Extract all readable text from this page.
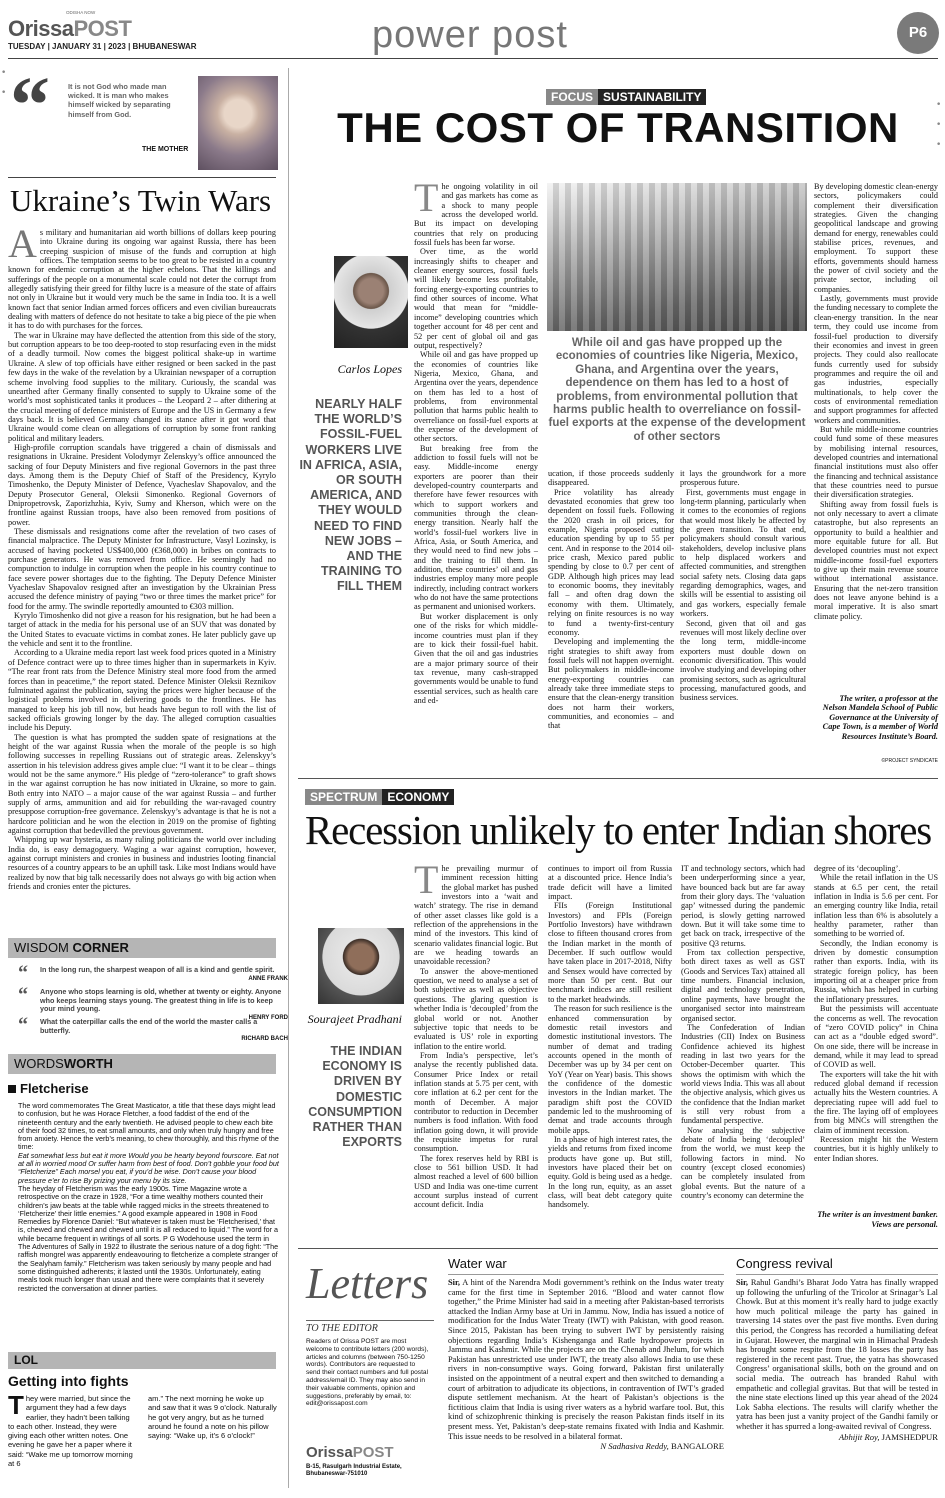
OrissaPOST
ODISHA NOW
TUESDAY | JANUARY 31 | 2023 | BHUBANESWAR	power post	P6
•

•
•

•

•
“ It is not God who made man wicked. It is man who makes himself wicked by separating himself from God.
THE MOTHER
Ukraine’s Twin Wars

As military and humanitarian aid worth billions of dollars keep pouring into Ukraine during its ongoing war against Russia, there has been creeping suspicion of misuse of the funds and corruption at high offices. The temptation seems to be too great to be resisted in a country known for endemic corruption at the higher echelons. That the killings and sufferings of the people on a monumental scale could not deter the corrupt from allegedly satisfying their greed for filthy lucre is a measure of the state of affairs not only in Ukraine but it would very much be the same in India too. It is a well known fact that senior Indian armed forces officers and even civilian bureaucrats dealing with matters of defence do not hesitate to take a big piece of the pie when it has to do with purchases for the forces.

The war in Ukraine may have deflected the attention from this side of the story, but corruption appears to be too deep-rooted to stop resurfacing even in the midst of a deadly turmoil. Now comes the biggest political shake-up in wartime Ukraine. A slew of top officials have either resigned or been sacked in the past few days in the wake of the revelation by a Ukrainian newspaper of a corruption scheme involving food supplies to the military. Curiously, the scandal was unearthed after Germany finally consented to supply to Ukraine some of the world’s most sophisticated tanks it produces – the Leopard 2 – after dithering at the crucial meeting of defence ministers of Europe and the US in Germany a few days back. It is believed Germany changed its stance after it got word that Ukraine would come clean on allegations of corruption by some front ranking political and military leaders.

High-profile corruption scandals have triggered a chain of dismissals and resignations in Ukraine. President Volodymyr Zelenskyy’s office announced the sacking of four Deputy Ministers and five regional Governors in the past three days. Among them is the Deputy Chief of Staff of the Presidency, Kyrylo Timoshenko, the Deputy Minister of Defence, Vyacheslav Shapovalov, and the Deputy Prosecutor General, Oleksii Simonenko. Regional Governors of Dnipropetrovsk, Zaporizhzhia, Kyiv, Sumy and Kherson, which were on the frontline against Russian troops, have also been removed from positions of power.

These dismissals and resignations come after the revelation of two cases of financial malpractice. The Deputy Minister for Infrastructure, Vasyl Lozinsky, is accused of having pocketed US$400,000 (€368,000) in bribes on contracts to purchase generators. He was removed from office. He seemingly had no compunction to indulge in corruption when the people in his country continue to face severe power shortages due to the fighting. The Deputy Defence Minister Vyacheslav Shapovalov resigned after an investigation by the Ukrainian Press accused the defence ministry of paying “two or three times the market price” for food for the army. The swindle reportedly amounted to €303 million.

Kyrylo Timoshenko did not give a reason for his resignation, but he had been a target of attack in the media for his personal use of an SUV that was donated by the United States to evacuate victims in combat zones. He later publicly gave up the vehicle and sent it to the frontline.

According to a Ukraine media report last week food prices quoted in a Ministry of Defence contract were up to three times higher than in supermarkets in Kyiv. “The rear front rats from the Defence Ministry steal more food from the armed forces than in peacetime,” the report stated. Defence Minister Oleksii Reznikov fulminated against the publication, saying the prices were higher because of the logistical problems involved in delivering goods to the frontlines. He has managed to keep his job till now, but heads have begun to roll with the list of sacked officials growing longer by the day. The alleged corruption casualties include his Deputy.

The question is what has prompted the sudden spate of resignations at the height of the war against Russia when the morale of the people is so high following successes in repelling Russians out of strategic areas. Zelenskyy’s assertion in his television address gives ample clue: “I want it to be clear – things would not be the same anymore.” His pledge of “zero-tolerance” to graft shows in the war against corruption he has now initiated in Ukraine, so more to gain. Both entry into NATO – a major cause of the war against Russia – and further supply of arms, ammunition and aid for rebuilding the war-ravaged country presuppose corruption-free governance. Zelenskyy’s advantage is that he is not a hardcore politician and he won the election in 2019 on the promise of fighting against corruption that bedevilled the previous government.

Whipping up war hysteria, as many ruling politicians the world over including India do, is easy demagoguery. Waging a war against corruption, however, against corrupt ministers and cronies in business and industries looting financial resources of a country appears to be an uphill task. Like most Indians would have realized by now that big talk necessarily does not always go with big action when friends and cronies enter the pictures.

WISDOM CORNER
“	In the long run, the sharpest weapon of all is a kind and gentle spirit.
ANNE FRANK
“	Anyone who stops learning is old, whether at twenty or eighty. Anyone who keeps learning stays young. The greatest thing in life is to keep your mind young.
HENRY FORD
“	What the caterpillar calls the end of the world the master calls a butterfly.
RICHARD BACH
WORDSWORTH
Fletcherise
The word commemorates The Great Masticator, a title that these days might lead to confusion, but he was Horace Fletcher, a food faddist of the end of the nineteenth century and the early twentieth. He advised people to chew each bite of their food 32 times, to eat small amounts, and only when truly hungry and free from anxiety. Hence the verb’s meaning, to chew thoroughly, and this rhyme of the time:
Eat somewhat less but eat it more Would you be hearty beyond fourscore. Eat not at all in worried mood Or suffer harm from best of food. Don’t gobble your food but “Fletcherize” Each morsel you eat, if you’d be wise. Don’t cause your blood pressure e’er to rise By prizing your menu by its size.
The heyday of Fletcherism was the early 1900s. Time Magazine wrote a retrospective on the craze in 1928, “For a time wealthy mothers counted their children’s jaw beats at the table while ragged micks in the streets threatened to ‘Fletcherize’ their little enemies.” A good example appeared in 1908 in Food Remedies by Florence Daniel: “But whatever is taken must be ‘Fletcherised,’ that is, chewed and chewed and chewed until it is all reduced to liquid.” The word for a while became frequent in writings of all sorts. P G Wodehouse used the term in The Adventures of Sally in 1922 to illustrate the serious nature of a dog fight: “The raffish mongrel was apparently endeavouring to fletcherize a complete stranger of the Sealyham family.” Fletcherism was taken seriously by many people and had some distinguished adherents; it lasted until the 1930s. Unfortunately, eating meals took much longer than usual and there were complaints that it severely restricted the conversation at dinner parties.
LOL
Getting into fights
They were married, but since the argument they had a few days earlier, they hadn’t been talking to each other. Instead, they were giving each other written notes. One evening he gave her a paper where it said: “Wake me up tomorrow morning at 6
am.” The next morning he woke up and saw that it was 9 o’clock. Naturally he got very angry, but as he turned around he found a note on his pillow saying: “Wake up, it’s 6 o’clock!”
FOCUS SUSTAINABILITY
THE COST OF TRANSITION
Carlos Lopes
NEARLY HALF THE WORLD’S FOSSIL-FUEL WORKERS LIVE IN AFRICA, ASIA, OR SOUTH AMERICA, AND THEY WOULD NEED TO FIND NEW JOBS – AND THE TRAINING TO FILL THEM

The ongoing volatility in oil and gas markets has come as a shock to many people across the developed world. But its impact on developing countries that rely on producing fossil fuels has been far worse.

Over time, as the world increasingly shifts to cheaper and cleaner energy sources, fossil fuels will likely become less profitable, forcing energy-exporting countries to find other sources of income. What would that mean for “middle-income” developing countries which together account for 48 per cent and 52 per cent of global oil and gas output, respectively?

While oil and gas have propped up the economies of countries like Nigeria, Mexico, Ghana, and Argentina over the years, dependence on them has led to a host of problems, from environmental pollution that harms public health to overreliance on fossil-fuel exports at the expense of the development of other sectors.

But breaking free from the addiction to fossil fuels will not be easy. Middle-income energy exporters are poorer than their developed-country counterparts and therefore have fewer resources with which to support workers and communities through the clean-energy transition. Nearly half the world’s fossil-fuel workers live in Africa, Asia, or South America, and they would need to find new jobs – and the training to fill them. In addition, these countries’ oil and gas industries employ many more people indirectly, including contract workers who do not have the same protections as permanent and unionised workers.

But worker displacement is only one of the risks for which middle-income countries must plan if they are to kick their fossil-fuel habit. Given that the oil and gas industries are a major primary source of their tax revenue, many cash-strapped governments would be unable to fund essential services, such as health care and ed-

While oil and gas have propped up the economies of countries like Nigeria, Mexico, Ghana, and Argentina over the years, dependence on them has led to a host of problems, from environmental pollution that harms public health to overreliance on fossil-fuel exports at the expense of the development of other sectors

ucation, if those proceeds suddenly disappeared.

Price volatility has already devastated economies that grew too dependent on fossil fuels. Following the 2020 crash in oil prices, for example, Nigeria proposed cutting education spending by up to 55 per cent. And in response to the 2014 oil-price crash, Mexico pared public spending by close to 0.7 per cent of GDP. Although high prices may lead to economic booms, they inevitably fall – and often drag down the economy with them. Ultimately, relying on finite resources is no way to fund a twenty-first-century economy.

Developing and implementing the right strategies to shift away from fossil fuels will not happen overnight. But policymakers in middle-income energy-exporting countries can already take three immediate steps to ensure that the clean-energy transition does not harm their workers, communities, and economies – and that

it lays the groundwork for a more prosperous future.

First, governments must engage in long-term planning, particularly when it comes to the economies of regions that would most likely be affected by the green transition. To that end, policymakers should consult various stakeholders, develop inclusive plans to help displaced workers and affected communities, and strengthen social safety nets. Closing data gaps regarding demographics, wages, and skills will be essential to assisting oil and gas workers, especially female workers.

Second, given that oil and gas revenues will most likely decline over the long term, middle-income exporters must double down on economic diversification. This would involve studying and developing other promising sectors, such as agricultural processing, manufactured goods, and business services.

By developing domestic clean-energy sectors, policymakers could complement their diversification strategies. Given the changing geopolitical landscape and growing demand for energy, renewables could stabilise prices, revenues, and employment. To support these efforts, governments should harness the power of civil society and the private sector, including oil companies.

Lastly, governments must provide the funding necessary to complete the clean-energy transition. In the near term, they could use income from fossil-fuel production to diversify their economies and invest in green projects. They could also reallocate funds currently used for subsidy programmes and require the oil and gas industries, especially multinationals, to help cover the costs of environmental remediation and support programmes for affected workers and communities.

But while middle-income countries could fund some of these measures by mobilising internal resources, developed countries and international financial institutions must also offer the financing and technical assistance that these countries need to pursue their diversification strategies.

Shifting away from fossil fuels is not only necessary to avert a climate catastrophe, but also represents an opportunity to build a healthier and more equitable future for all. But developed countries must not expect middle-income fossil-fuel exporters to give up their main revenue source without international assistance. Ensuring that the net-zero transition does not leave anyone behind is a moral imperative. It is also smart climate policy.

The writer, a professor at the Nelson Mandela School of Public Governance at the University of Cape Town, is a member of World Resources Institute’s Board.
©PROJECT SYNDICATE
SPECTRUM ECONOMY
Recession unlikely to enter Indian shores
Sourajeet Pradhani
THE INDIAN ECONOMY IS DRIVEN BY DOMESTIC CONSUMPTION RATHER THAN EXPORTS

The prevailing murmur of imminent recession hitting the global market has pushed investors into a ‘wait and watch’ strategy. The rise in demand of other asset classes like gold is a reflection of the apprehensions in the mind of the investors. This kind of scenario validates financial logic. But are we heading towards an unavoidable recession?

To answer the above-mentioned question, we need to analyse a set of both subjective as well as objective questions. The glaring question is whether India is ‘decoupled’ from the global world or not. Another subjective topic that needs to be evaluated is US’ role in exporting inflation to the entire world.

From India’s perspective, let’s analyse the recently published data. Consumer Price Index or retail inflation stands at 5.75 per cent, with core inflation at 6.2 per cent for the month of December. A major contributor to reduction in December numbers is food inflation. With food inflation going down, it will provide the requisite impetus for rural consumption.

The forex reserves held by RBI is close to 561 billion USD. It had almost reached a level of 600 billion USD and India was one-time current account surplus instead of current account deficit. India

continues to import oil from Russia at a discounted price. Hence India’s trade deficit will have a limited impact.

FIIs (Foreign Institutional Investors) and FPIs (Foreign Portfolio Investors) have withdrawn close to fifteen thousand crores from the Indian market in the month of December. If such outflow would have taken place in 2017-2018, Nifty and Sensex would have corrected by more than 50 per cent. But our benchmark indices are still resilient to the market headwinds.

The reason for such resilience is the enhanced commensuration by domestic retail investors and domestic institutional investors. The number of demat and trading accounts opened in the month of December was up by 34 per cent on YoY (Year on Year) basis. This shows the confidence of the domestic investors in the Indian market. The paradigm shift post the COVID pandemic led to the mushrooming of demat and trade accounts through mobile apps.

In a phase of high interest rates, the yields and returns from fixed income products have gone up. But still, investors have placed their bet on equity. Gold is being used as a hedge. In the long run, equity, as an asset class, will beat debt category quite handsomely.

IT and technology sectors, which had been underperforming since a year, have bounced back but are far away from their glory days. The ‘valuation gap’ witnessed during the pandemic period, is slowly getting narrowed down. But it will take some time to get back on track, irrespective of the positive Q3 returns.

From tax collection perspective, both direct taxes as well as GST (Goods and Services Tax) attained all time numbers. Financial inclusion, digital and technology penetration, online payments, have brought the unorganised sector into mainstream organised sector.

The Confederation of Indian Industries (CII) Index on Business Confidence achieved its highest reading in last two years for the October-December quarter. This shows the optimism with which the world views India. This was all about the objective analysis, which gives us the confidence that the Indian market is still very robust from a fundamental perspective.

Now analysing the subjective debate of India being ‘decoupled’ from the world, we must keep the following factors in mind. No country (except closed economies) can be completely insulated from global events. But the nature of a country’s economy can determine the

degree of its ‘decoupling’.

While the retail inflation in the US stands at 6.5 per cent, the retail inflation in India is 5.6 per cent. For an emerging country like India, retail inflation less than 6% is absolutely a healthy parameter, rather than something to be worried of.

Secondly, the Indian economy is driven by domestic consumption rather than exports. India, with its strategic foreign policy, has been importing oil at a cheaper price from Russia, which has helped in curbing the inflationary pressures.

But the pessimists will accentuate the concerns as well. The revocation of “zero COVID policy” in China can act as a “double edged sword”. On one side, there will be increase in demand, while it may lead to spread of COVID as well.

The exporters will take the hit with reduced global demand if recession actually hits the Western countries. A depreciating rupee will add fuel to the fire. The laying off of employees from big MNCs will strengthen the claim of imminent recession.

Recession might hit the Western countries, but it is highly unlikely to enter Indian shores.

The writer is an investment banker. Views are personal.
Letters
TO THE EDITOR
Readers of Orissa POST are most welcome to contribute letters (200 words), articles and columns (between 750-1250 words). Contributors are requested to send their contact numbers and full postal address/email ID. They may also send in their valuable comments, opinion and suggestions, preferably by email, to: edit@orissapost.com
OrissaPOST
B-15, Rasulgarh Industrial Estate, Bhubaneswar-751010
Water war

Sir, A hint of the Narendra Modi government’s rethink on the Indus water treaty came for the first time in September 2016. “Blood and water cannot flow together,” the Prime Minister had said in a meeting after Pakistan-based terrorists attacked the Indian Army base at Uri in Jammu. Now, India has issued a notice of modification for the Indus Water Treaty (IWT) with Pakistan, with good reason. Since 2015, Pakistan has been trying to subvert IWT by persistently raising objections regarding India’s Kishenganga and Ratle hydropower projects in Jammu and Kashmir. While the projects are on the Chenab and Jhelum, for which Pakistan has unrestricted use under IWT, the treaty also allows India to use these rivers in non-consumptive ways. Going forward, Pakistan first unilaterally insisted on the appointment of a neutral expert and then switched to demanding a court of arbitration to adjudicate its objections, in contravention of IWT’s graded dispute settlement mechanism. At the heart of Pakistan’s objections is the fictitious claim that India is using river waters as a hybrid warfare tool. But, this kind of schizophrenic thinking is precisely the reason Pakistan finds itself in its present mess. Yet, Pakistan’s deep-state remains fixated with India and Kashmir. This issue needs to be resolved in a bilateral format.

N Sadhasiva Reddy, BANGALORE
Congress revival

Sir, Rahul Gandhi’s Bharat Jodo Yatra has finally wrapped up following the unfurling of the Tricolor at Srinagar’s Lal Chowk. But at this moment it’s really hard to judge exactly how much political mileage the party has gained in traversing 14 states over the past five months. Even during this period, the Congress has recorded a humiliating defeat in Gujarat. However, the marginal win in Himachal Pradesh has brought some respite from the 18 losses the party has registered in the recent past. True, the yatra has showcased Congress’ organisational skills, both on the ground and on social media. The outreach has branded Rahul with empathetic and collegial gravitas. But that will be tested in the nine state elections lined up this year ahead of the 2024 Lok Sabha elections. The results will clarify whether the yatra has been just a vanity project of the Gandhi family or whether it has spurred a long-awaited revival of Congress.

Abhijit Roy, JAMSHEDPUR
